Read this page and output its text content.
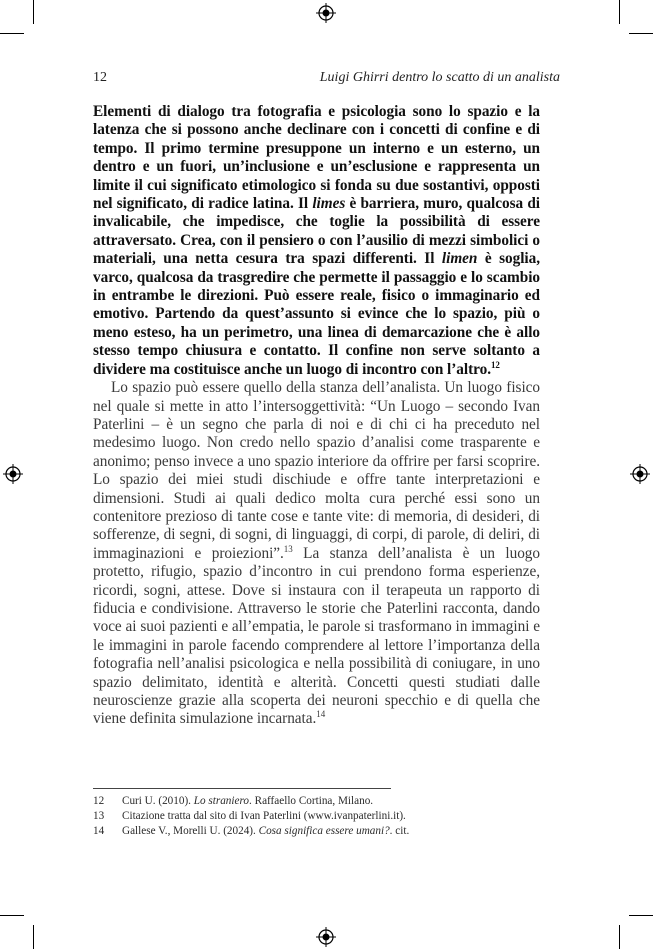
12	Luigi Ghirri dentro lo scatto di un analista

Elementi di dialogo tra fotografia e psicologia sono lo spazio e la latenza che si possono anche declinare con i concetti di confine e di tempo. Il primo termine presuppone un interno e un esterno, un dentro e un fuori, un’inclusione e un’esclusione e rappresenta un limite il cui significato etimologico si fonda su due sostantivi, opposti nel significato, di radice latina. Il limes è barriera, muro, qualcosa di invalicabile, che impedisce, che toglie la possibilità di essere attraversato. Crea, con il pensiero o con l’ausilio di mezzi simbolici o materiali, una netta cesura tra spazi differenti. Il limen è soglia, varco, qualcosa da trasgredire che permette il passaggio e lo scambio in entrambe le direzioni. Può essere reale, fisico o immaginario ed emotivo. Partendo da quest’assunto si evince che lo spazio, più o meno esteso, ha un perimetro, una linea di demarcazione che è allo stesso tempo chiusura e contatto. Il confine non serve soltanto a dividere ma costituisce anche un luogo di incontro con l’altro.$^{12}$

Lo spazio può essere quello della stanza dell’analista. Un luogo fisico nel quale si mette in atto l’intersoggettività: “Un Luogo – secondo Ivan Paterlini – è un segno che parla di noi e di chi ci ha preceduto nel medesimo luogo. Non credo nello spazio d’analisi come trasparente e anonimo; penso invece a uno spazio interiore da offrire per farsi scoprire. Lo spazio dei miei studi dischiude e offre tante interpretazioni e dimensioni. Studi ai quali dedico molta cura perché essi sono un contenitore prezioso di tante cose e tante vite: di memoria, di desideri, di sofferenze, di segni, di sogni, di linguaggi, di corpi, di parole, di deliri, di immaginazioni e proiezioni”.$^{13}$ La stanza dell’analista è un luogo protetto, rifugio, spazio d’incontro in cui prendono forma esperienze, ricordi, sogni, attese. Dove si instaura con il terapeuta un rapporto di fiducia e condivisione. Attraverso le storie che Paterlini racconta, dando voce ai suoi pazienti e all’empatia, le parole si trasformano in immagini e le immagini in parole facendo comprendere al lettore l’importanza della fotografia nell’analisi psicologica e nella possibilità di coniugare, in uno spazio delimitato, identità e alterità. Concetti questi studiati dalle neuroscienze grazie alla scoperta dei neuroni specchio e di quella che viene definita simulazione incarnata.$^{14}$

12	Curi U. (2010). Lo straniero. Raffaello Cortina, Milano.
13	Citazione tratta dal sito di Ivan Paterlini (www.ivanpaterlini.it).
14	Gallese V., Morelli U. (2024). Cosa significa essere umani?. cit.
